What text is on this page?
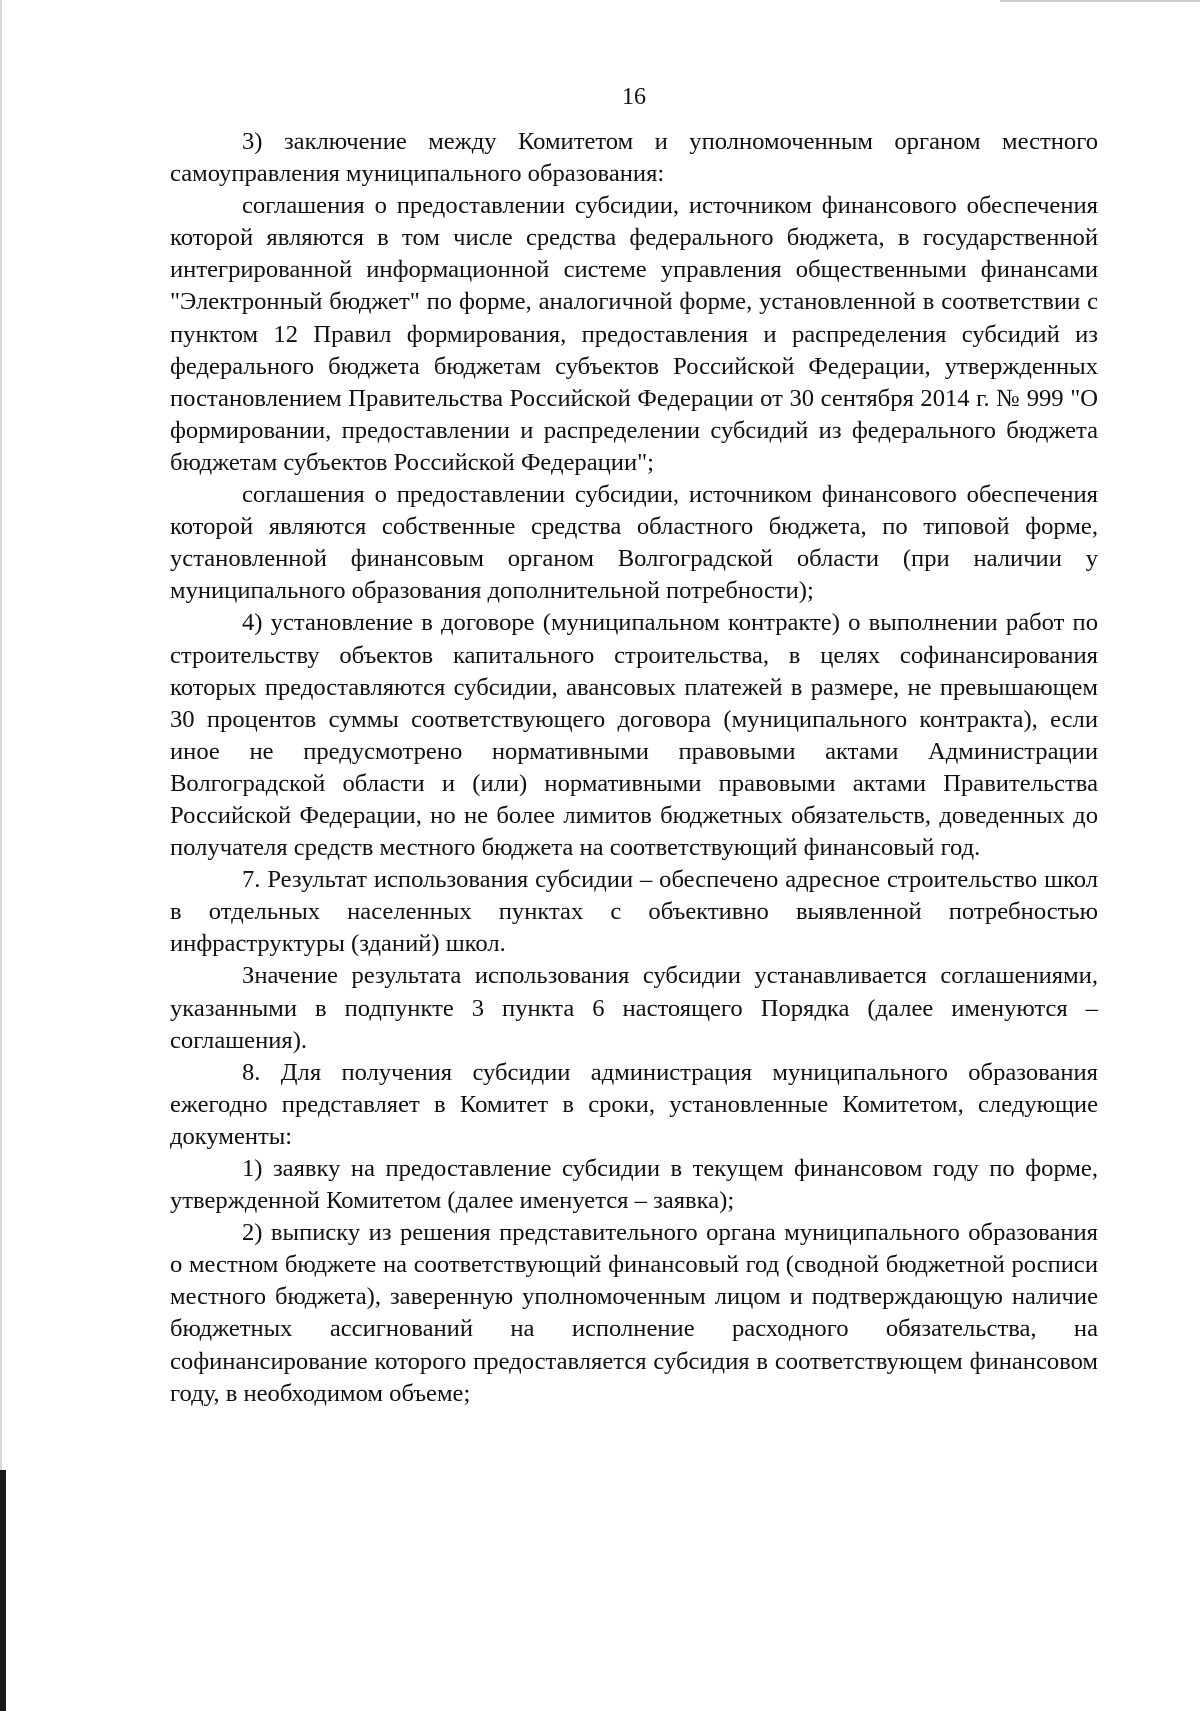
16

3) заключение между Комитетом и уполномоченным органом местного самоуправления муниципального образования:

соглашения о предоставлении субсидии, источником финансового обеспечения которой являются в том числе средства федерального бюджета, в государственной интегрированной информационной системе управления общественными финансами "Электронный бюджет" по форме, аналогичной форме, установленной в соответствии с пунктом 12 Правил формирования, предоставления и распределения субсидий из федерального бюджета бюджетам субъектов Российской Федерации, утвержденных постановлением Правительства Российской Федерации от 30 сентября 2014 г. № 999 "О формировании, предоставлении и распределении субсидий из федерального бюджета бюджетам субъектов Российской Федерации";

соглашения о предоставлении субсидии, источником финансового обеспечения которой являются собственные средства областного бюджета, по типовой форме, установленной финансовым органом Волгоградской области (при наличии у муниципального образования дополнительной потребности);

4) установление в договоре (муниципальном контракте) о выполнении работ по строительству объектов капитального строительства, в целях софинансирования которых предоставляются субсидии, авансовых платежей в размере, не превышающем 30 процентов суммы соответствующего договора (муниципального контракта), если иное не предусмотрено нормативными правовыми актами Администрации Волгоградской области и (или) нормативными правовыми актами Правительства Российской Федерации, но не более лимитов бюджетных обязательств, доведенных до получателя средств местного бюджета на соответствующий финансовый год.

7. Результат использования субсидии – обеспечено адресное строительство школ в отдельных населенных пунктах с объективно выявленной потребностью инфраструктуры (зданий) школ.

Значение результата использования субсидии устанавливается соглашениями, указанными в подпункте 3 пункта 6 настоящего Порядка (далее именуются – соглашения).

8. Для получения субсидии администрация муниципального образования ежегодно представляет в Комитет в сроки, установленные Комитетом, следующие документы:

1) заявку на предоставление субсидии в текущем финансовом году по форме, утвержденной Комитетом (далее именуется – заявка);

2) выписку из решения представительного органа муниципального образования о местном бюджете на соответствующий финансовый год (сводной бюджетной росписи местного бюджета), заверенную уполномоченным лицом и подтверждающую наличие бюджетных ассигнований на исполнение расходного обязательства, на софинансирование которого предоставляется субсидия в соответствующем финансовом году, в необходимом объеме;
